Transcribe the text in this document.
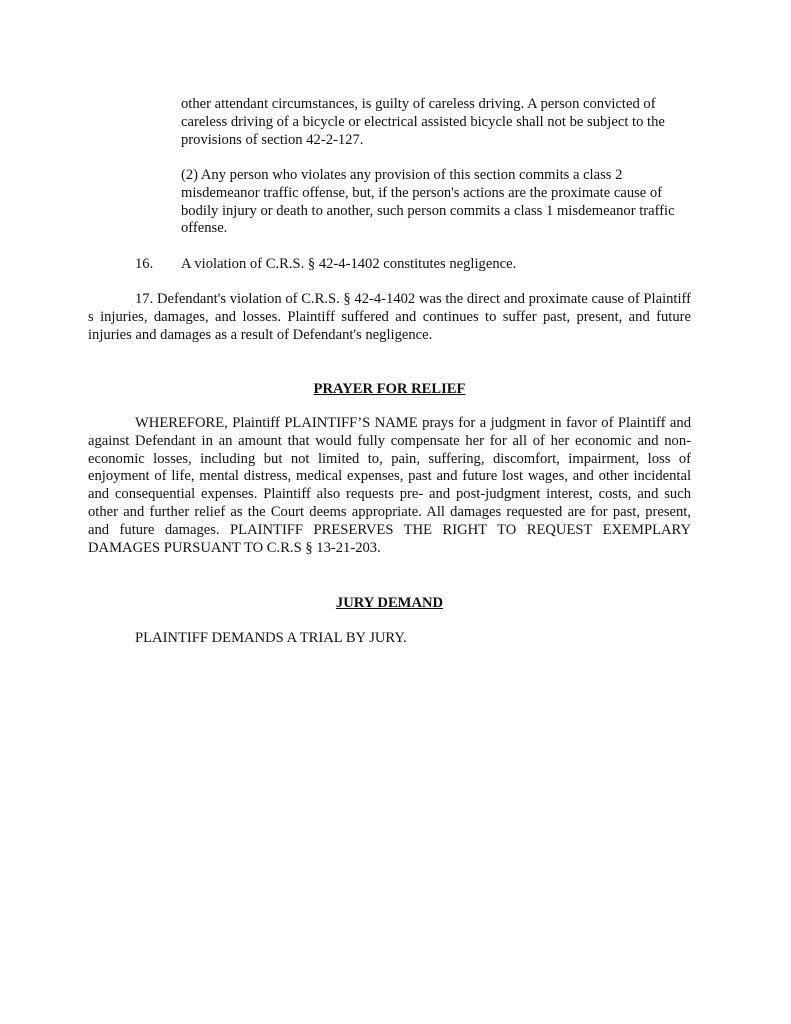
other attendant circumstances, is guilty of careless driving. A person convicted of careless driving of a bicycle or electrical assisted bicycle shall not be subject to the provisions of section 42-2-127.

(2) Any person who violates any provision of this section commits a class 2 misdemeanor traffic offense, but, if the person's actions are the proximate cause of bodily injury or death to another, such person commits a class 1 misdemeanor traffic offense.

16. A violation of C.R.S. § 42-4-1402 constitutes negligence.

17. Defendant's violation of C.R.S. § 42-4-1402 was the direct and proximate cause of Plaintiff s injuries, damages, and losses. Plaintiff suffered and continues to suffer past, present, and future injuries and damages as a result of Defendant's negligence.

PRAYER FOR RELIEF

WHEREFORE, Plaintiff PLAINTIFF’S NAME prays for a judgment in favor of Plaintiff and against Defendant in an amount that would fully compensate her for all of her economic and non-economic losses, including but not limited to, pain, suffering, discomfort, impairment, loss of enjoyment of life, mental distress, medical expenses, past and future lost wages, and other incidental and consequential expenses. Plaintiff also requests pre- and post-judgment interest, costs, and such other and further relief as the Court deems appropriate. All damages requested are for past, present, and future damages. PLAINTIFF PRESERVES THE RIGHT TO REQUEST EXEMPLARY DAMAGES PURSUANT TO C.R.S § 13-21-203.

JURY DEMAND
PLAINTIFF DEMANDS A TRIAL BY JURY.
